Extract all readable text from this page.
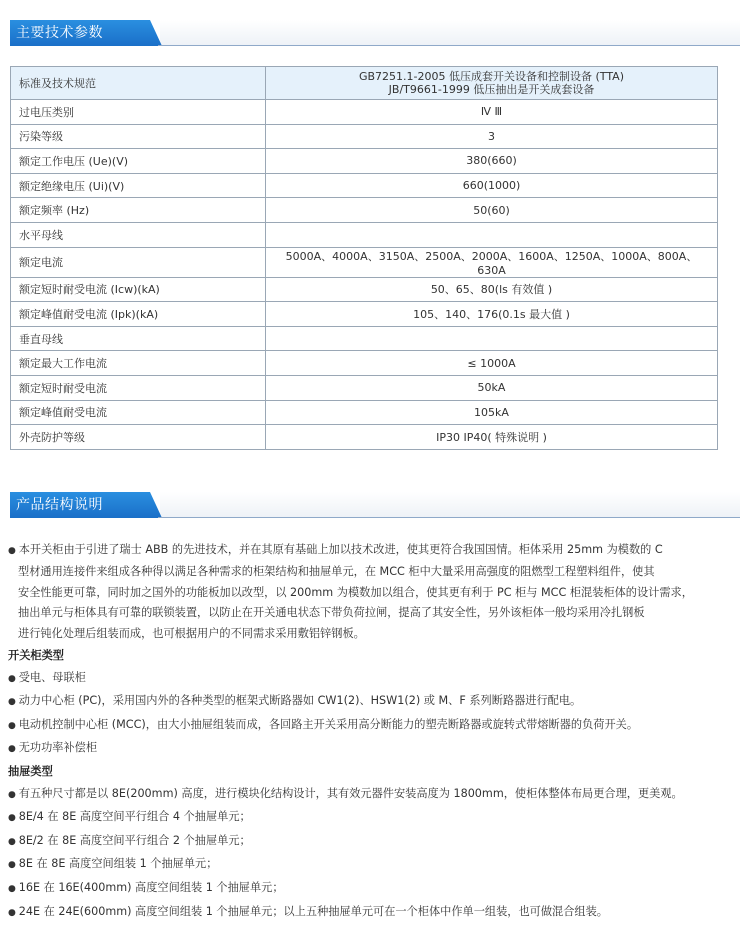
主要技术参数
标准及技术规范	GB7251.1-2005 低压成套开关设备和控制设备 (TTA)
JB/T9661-1999 低压抽出是开关成套设备

过电压类别	Ⅳ Ⅲ
污染等级	3
额定工作电压 (Ue)(V)	380(660)
额定绝缘电压 (Ui)(V)	660(1000)
额定频率 (Hz)	50(60)
水平母线	
额定电流	5000A、4000A、3150A、2500A、2000A、1600A、1250A、1000A、800A、630A
额定短时耐受电流 (Icw)(kA)	50、65、80(ls 有效值 )
额定峰值耐受电流 (Ipk)(kA)	105、140、176(0.1s 最大值 )
垂直母线	
额定最大工作电流	≤ 1000A
额定短时耐受电流	50kA
额定峰值耐受电流	105kA
外壳防护等级	IP30 IP40( 特殊说明 )
产品结构说明

● 本开关柜由于引进了瑞士 ABB 的先进技术，并在其原有基础上加以技术改进，使其更符合我国国情。柜体采用 25mm 为模数的 C

型材通用连接件来组成各种得以满足各种需求的柜架结构和抽屉单元，在 MCC 柜中大量采用高强度的阻燃型工程塑料组件，使其

安全性能更可靠，同时加之国外的功能板加以改型，以 200mm 为模数加以组合，使其更有利于 PC 柜与 MCC 柜混装柜体的设计需求，

抽出单元与柜体具有可靠的联锁装置，以防止在开关通电状态下带负荷拉闸，提高了其安全性，另外该柜体一般均采用冷扎钢板

进行钝化处理后组装而成，也可根据用户的不同需求采用敷铝锌钢板。

开关柜类型

● 受电、母联柜

● 动力中心柜 (PC)，采用国内外的各种类型的框架式断路器如 CW1(2)、HSW1(2) 或 M、F 系列断路器进行配电。

● 电动机控制中心柜 (MCC)，由大小抽屉组装而成，各回路主开关采用高分断能力的塑壳断路器或旋转式带熔断器的负荷开关。

● 无功功率补偿柜

抽屉类型

● 有五种尺寸都是以 8E(200mm) 高度，进行模块化结构设计，其有效元器件安装高度为 1800mm，使柜体整体布局更合理，更美观。

● 8E/4 在 8E 高度空间平行组合 4 个抽屉单元；

● 8E/2 在 8E 高度空间平行组合 2 个抽屉单元；

● 8E 在 8E 高度空间组装 1 个抽屉单元；

● 16E 在 16E(400mm) 高度空间组装 1 个抽屉单元；

● 24E 在 24E(600mm) 高度空间组装 1 个抽屉单元；以上五种抽屉单元可在一个柜体中作单一组装，也可做混合组装。
